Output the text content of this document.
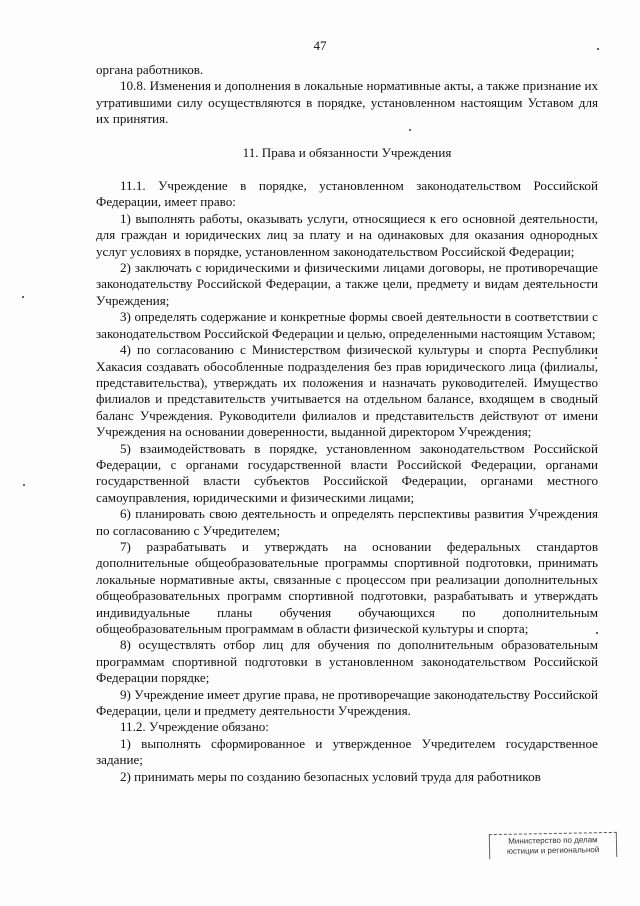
47

органа работников.

10.8. Изменения и дополнения в локальные нормативные акты, а также признание их утратившими силу осуществляются в порядке, установленном настоящим Уставом для их принятия.

11. Права и обязанности Учреждения

11.1. Учреждение в порядке, установленном законодательством Российской Федерации, имеет право:

1) выполнять работы, оказывать услуги, относящиеся к его основной деятельности, для граждан и юридических лиц за плату и на одинаковых для оказания однородных услуг условиях в порядке, установленном законодательством Российской Федерации;

2) заключать с юридическими и физическими лицами договоры, не противоречащие законодательству Российской Федерации, а также цели, предмету и видам деятельности Учреждения;

3) определять содержание и конкретные формы своей деятельности в соответствии с законодательством Российской Федерации и целью, определенными настоящим Уставом;

4) по согласованию с Министерством физической культуры и спорта Республики Хакасия создавать обособленные подразделения без прав юридического лица (филиалы, представительства), утверждать их положения и назначать руководителей. Имущество филиалов и представительств учитывается на отдельном балансе, входящем в сводный баланс Учреждения. Руководители филиалов и представительств действуют от имени Учреждения на основании доверенности, выданной директором Учреждения;

5) взаимодействовать в порядке, установленном законодательством Российской Федерации, с органами государственной власти Российской Федерации, органами государственной власти субъектов Российской Федерации, органами местного самоуправления, юридическими и физическими лицами;

6) планировать свою деятельность и определять перспективы развития Учреждения по согласованию с Учредителем;

7) разрабатывать и утверждать на основании федеральных стандартов дополнительные общеобразовательные программы спортивной подготовки, принимать локальные нормативные акты, связанные с процессом при реализации дополнительных общеобразовательных программ спортивной подготовки, разрабатывать и утверждать индивидуальные планы обучения обучающихся по дополнительным общеобразовательным программам в области физической культуры и спорта;

8) осуществлять отбор лиц для обучения по дополнительным образовательным программам спортивной подготовки в установленном законодательством Российской Федерации порядке;

9) Учреждение имеет другие права, не противоречащие законодательству Российской Федерации, цели и предмету деятельности Учреждения.

11.2. Учреждение обязано:

1) выполнять сформированное и утвержденное Учредителем государственное задание;

2) принимать меры по созданию безопасных условий труда для работников

Министерство по делам
юстиции и региональной
